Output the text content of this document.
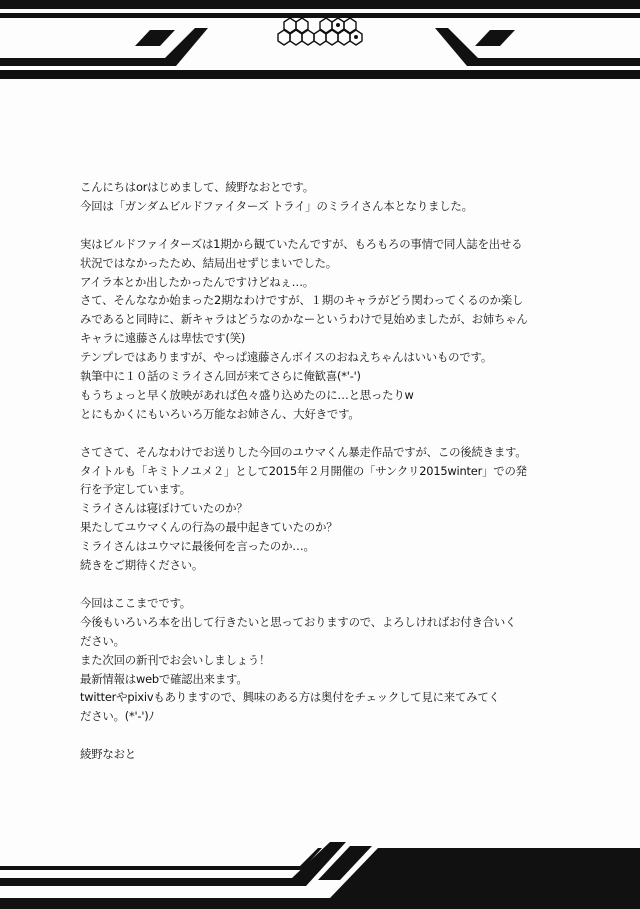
こんにちはorはじめまして、綾野なおとです。
今回は「ガンダムビルドファイターズ トライ」のミライさん本となりました。

実はビルドファイターズは1期から観ていたんですが、もろもろの事情で同人誌を出せる
状況ではなかったため、結局出せずじまいでした。
アイラ本とか出したかったんですけどねぇ…。
さて、そんななか始まった2期なわけですが、１期のキャラがどう関わってくるのか楽し
みであると同時に、新キャラはどうなのかなーというわけで見始めましたが、お姉ちゃん
キャラに遠藤さんは卑怯です(笑)
テンプレではありますが、やっぱ遠藤さんボイスのおねえちゃんはいいものです。
執筆中に１０話のミライさん回が来てさらに俺歓喜(*'-')
もうちょっと早く放映があれば色々盛り込めたのに…と思ったりw
とにもかくにもいろいろ万能なお姉さん、大好きです。

さてさて、そんなわけでお送りした今回のユウマくん暴走作品ですが、この後続きます。
タイトルも「キミトノユメ２」として2015年２月開催の「サンクリ2015winter」での発
行を予定しています。
ミライさんは寝ぼけていたのか？
果たしてユウマくんの行為の最中起きていたのか？
ミライさんはユウマに最後何を言ったのか…。
続きをご期待ください。

今回はここまでです。
今後もいろいろ本を出して行きたいと思っておりますので、よろしければお付き合いく
ださい。
また次回の新刊でお会いしましょう！
最新情報はwebで確認出来ます。
twitterやpixivもありますので、興味のある方は奥付をチェックして見に来てみてく
ださい。(*'-')ﾉ

綾野なおと
